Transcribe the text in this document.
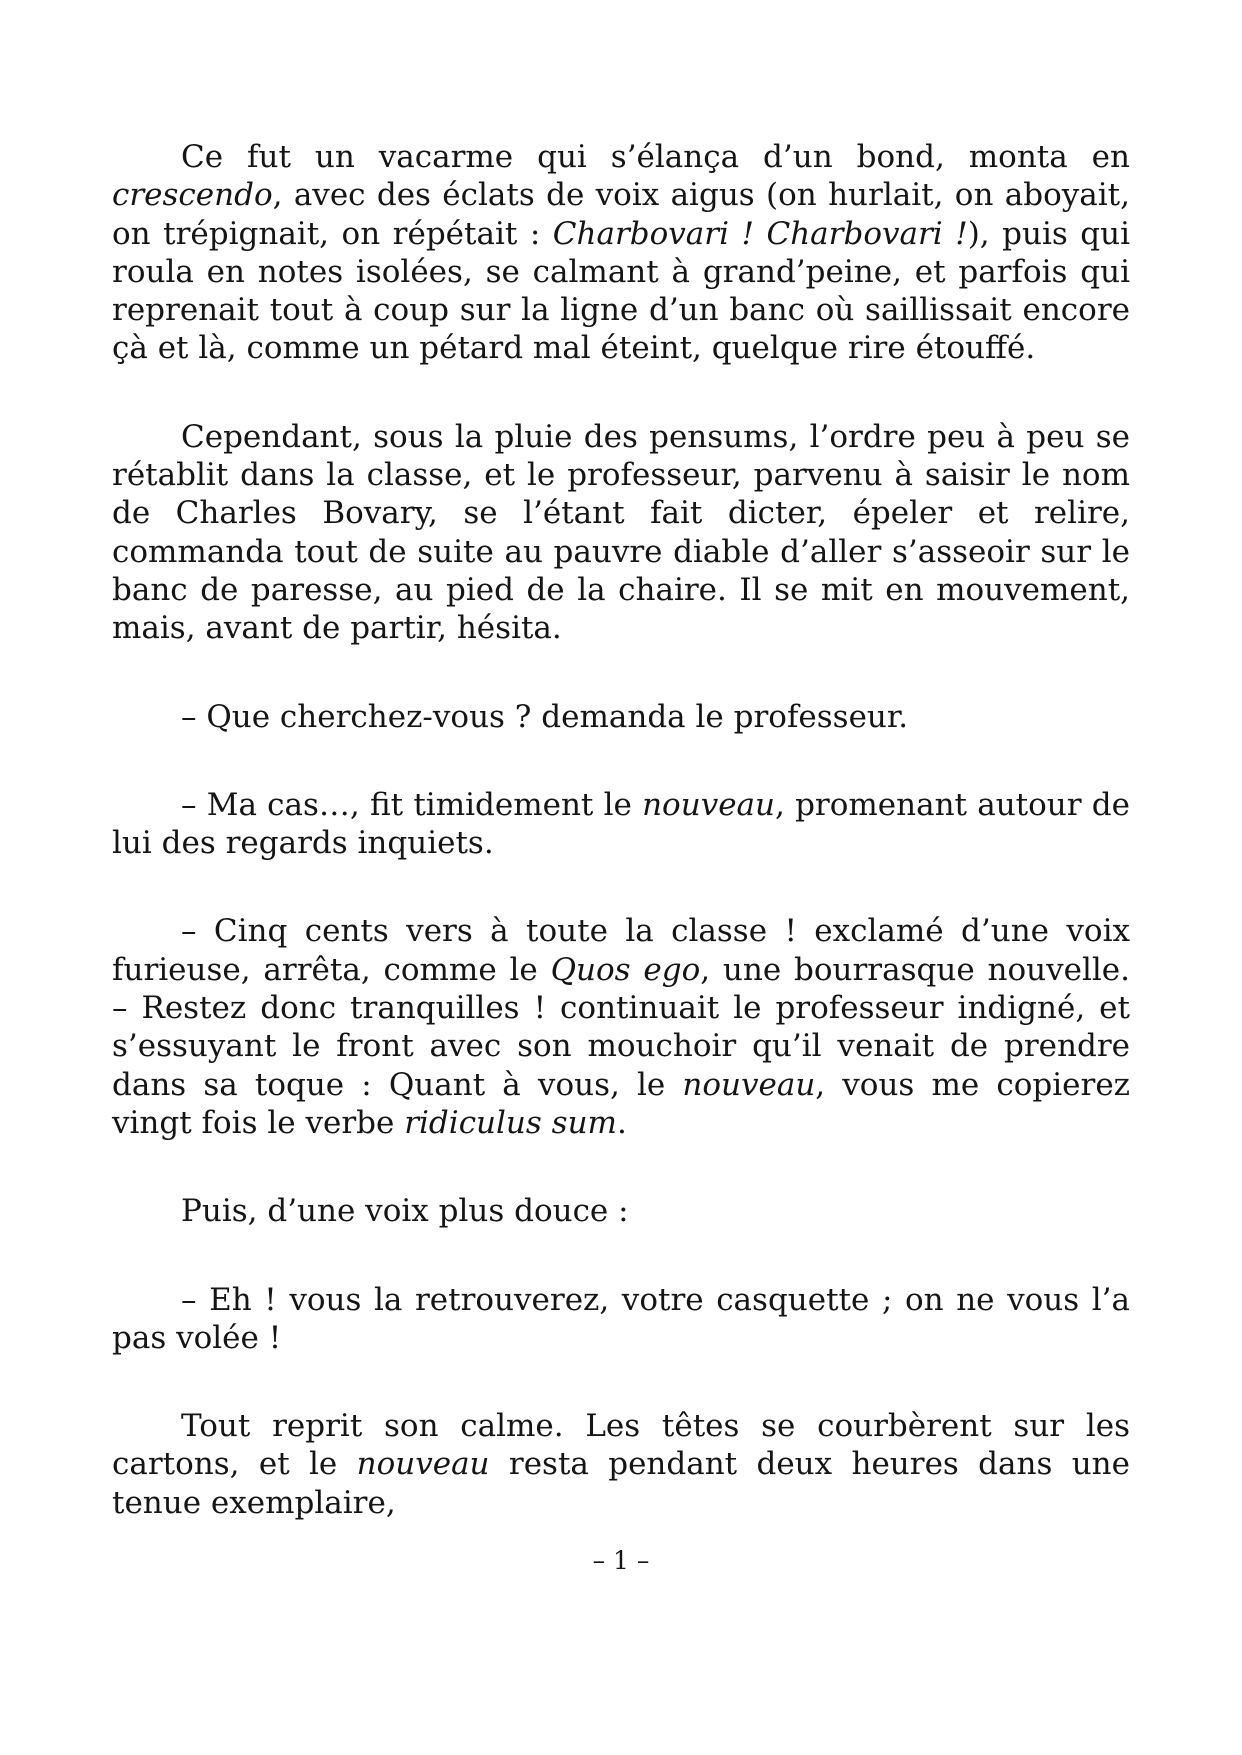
Ce fut un vacarme qui s’élança d’un bond, monta en crescendo, avec des éclats de voix aigus (on hurlait, on aboyait, on trépignait, on répétait : Charbovari ! Charbovari !), puis qui roula en notes isolées, se calmant à grand’peine, et parfois qui reprenait tout à coup sur la ligne d’un banc où saillissait encore çà et là, comme un pétard mal éteint, quelque rire étouffé.

Cependant, sous la pluie des pensums, l’ordre peu à peu se rétablit dans la classe, et le professeur, parvenu à saisir le nom de Charles Bovary, se l’étant fait dicter, épeler et relire, commanda tout de suite au pauvre diable d’aller s’asseoir sur le banc de paresse, au pied de la chaire. Il se mit en mouvement, mais, avant de partir, hésita.

– Que cherchez-vous ? demanda le professeur.

– Ma cas…, fit timidement le nouveau, promenant autour de lui des regards inquiets.

– Cinq cents vers à toute la classe ! exclamé d’une voix furieuse, arrêta, comme le Quos ego, une bourrasque nouvelle. – Restez donc tranquilles ! continuait le professeur indigné, et s’essuyant le front avec son mouchoir qu’il venait de prendre dans sa toque : Quant à vous, le nouveau, vous me copierez vingt fois le verbe ridiculus sum.

Puis, d’une voix plus douce :

– Eh ! vous la retrouverez, votre casquette ; on ne vous l’a pas volée !

Tout reprit son calme. Les têtes se courbèrent sur les cartons, et le nouveau resta pendant deux heures dans une tenue exemplaire,

– 1 –
